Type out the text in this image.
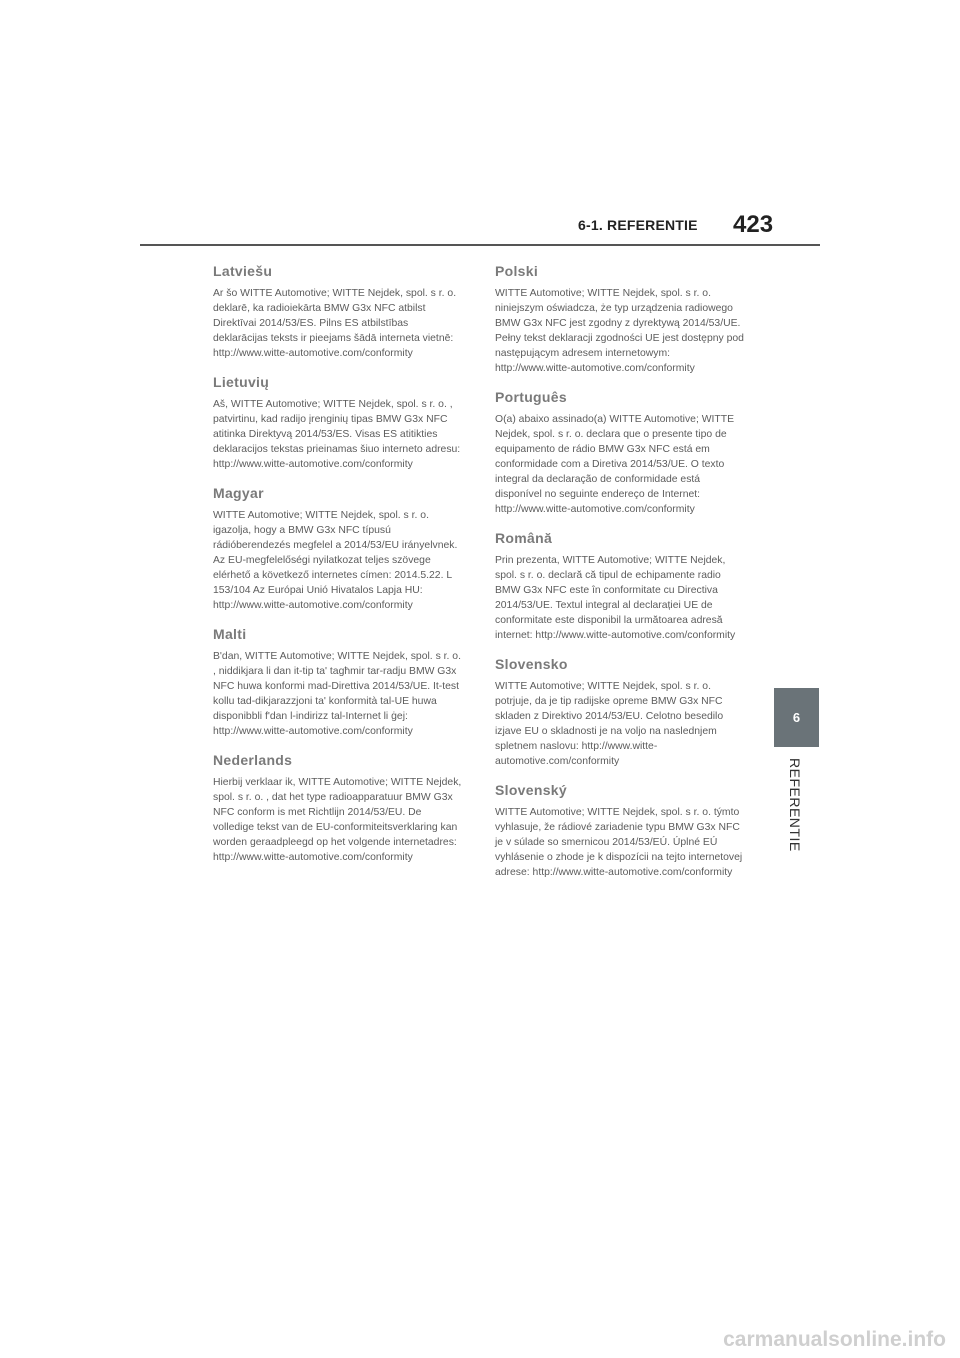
6-1. REFERENTIE 423
Latviešu

Ar šo WITTE Automotive; WITTE Nejdek, spol. s r. o. deklarē, ka radioiekārta BMW G3x NFC atbilst Direktīvai 2014/53/ES. Pilns ES atbilstības deklarācijas teksts ir pieejams šādā interneta vietnē: http://www.witte-automotive.com/conformity

Lietuvių

Aš, WITTE Automotive; WITTE Nejdek, spol. s r. o. , patvirtinu, kad radijo įrenginių tipas BMW G3x NFC atitinka Direktyvą 2014/53/ES. Visas ES atitikties deklaracijos tekstas prieinamas šiuo interneto adresu: http://www.witte-automotive.com/conformity

Magyar

WITTE Automotive; WITTE Nejdek, spol. s r. o. igazolja, hogy a BMW G3x NFC típusú rádióberendezés megfelel a 2014/53/EU irányelvnek. Az EU-megfelelőségi nyilatkozat teljes szövege elérhető a következő internetes címen: 2014.5.22. L 153/104 Az Európai Unió Hivatalos Lapja HU: http://www.witte-automotive.com/conformity

Malti

B'dan, WITTE Automotive; WITTE Nejdek, spol. s r. o. , niddikjara li dan it-tip ta' tagħmir tar-radju BMW G3x NFC huwa konformi mad-Direttiva 2014/53/UE. It-test kollu tad-dikjarazzjoni ta' konformità tal-UE huwa disponibbli f'dan l-indirizz tal-Internet li ġej: http://www.witte-automotive.com/conformity

Nederlands

Hierbij verklaar ik, WITTE Automotive; WITTE Nejdek, spol. s r. o. , dat het type radioapparatuur BMW G3x NFC conform is met Richtlijn 2014/53/EU. De volledige tekst van de EU-conformiteitsverklaring kan worden geraadpleegd op het volgende internetadres: http://www.witte-automotive.com/conformity

Polski

WITTE Automotive; WITTE Nejdek, spol. s r. o. niniejszym oświadcza, że typ urządzenia radiowego BMW G3x NFC jest zgodny z dyrektywą 2014/53/UE. Pełny tekst deklaracji zgodności UE jest dostępny pod następującym adresem internetowym: http://www.witte-automotive.com/conformity

Português

O(a) abaixo assinado(a) WITTE Automotive; WITTE Nejdek, spol. s r. o. declara que o presente tipo de equipamento de rádio BMW G3x NFC está em conformidade com a Diretiva 2014/53/UE. O texto integral da declaração de conformidade está disponível no seguinte endereço de Internet: http://www.witte-automotive.com/conformity

Română

Prin prezenta, WITTE Automotive; WITTE Nejdek, spol. s r. o. declară că tipul de echipamente radio BMW G3x NFC este în conformitate cu Directiva 2014/53/UE. Textul integral al declarației UE de conformitate este disponibil la următoarea adresă internet: http://www.witte-automotive.com/conformity

Slovensko

WITTE Automotive; WITTE Nejdek, spol. s r. o. potrjuje, da je tip radijske opreme BMW G3x NFC skladen z Direktivo 2014/53/EU. Celotno besedilo izjave EU o skladnosti je na voljo na naslednjem spletnem naslovu: http://www.witte-automotive.com/conformity

Slovenský

WITTE Automotive; WITTE Nejdek, spol. s r. o. týmto vyhlasuje, že rádiové zariadenie typu BMW G3x NFC je v súlade so smernicou 2014/53/EÚ. Úplné EÚ vyhlásenie o zhode je k dispozícii na tejto internetovej adrese: http://www.witte-automotive.com/conformity

6
REFERENTIE
carmanualsonline.info
